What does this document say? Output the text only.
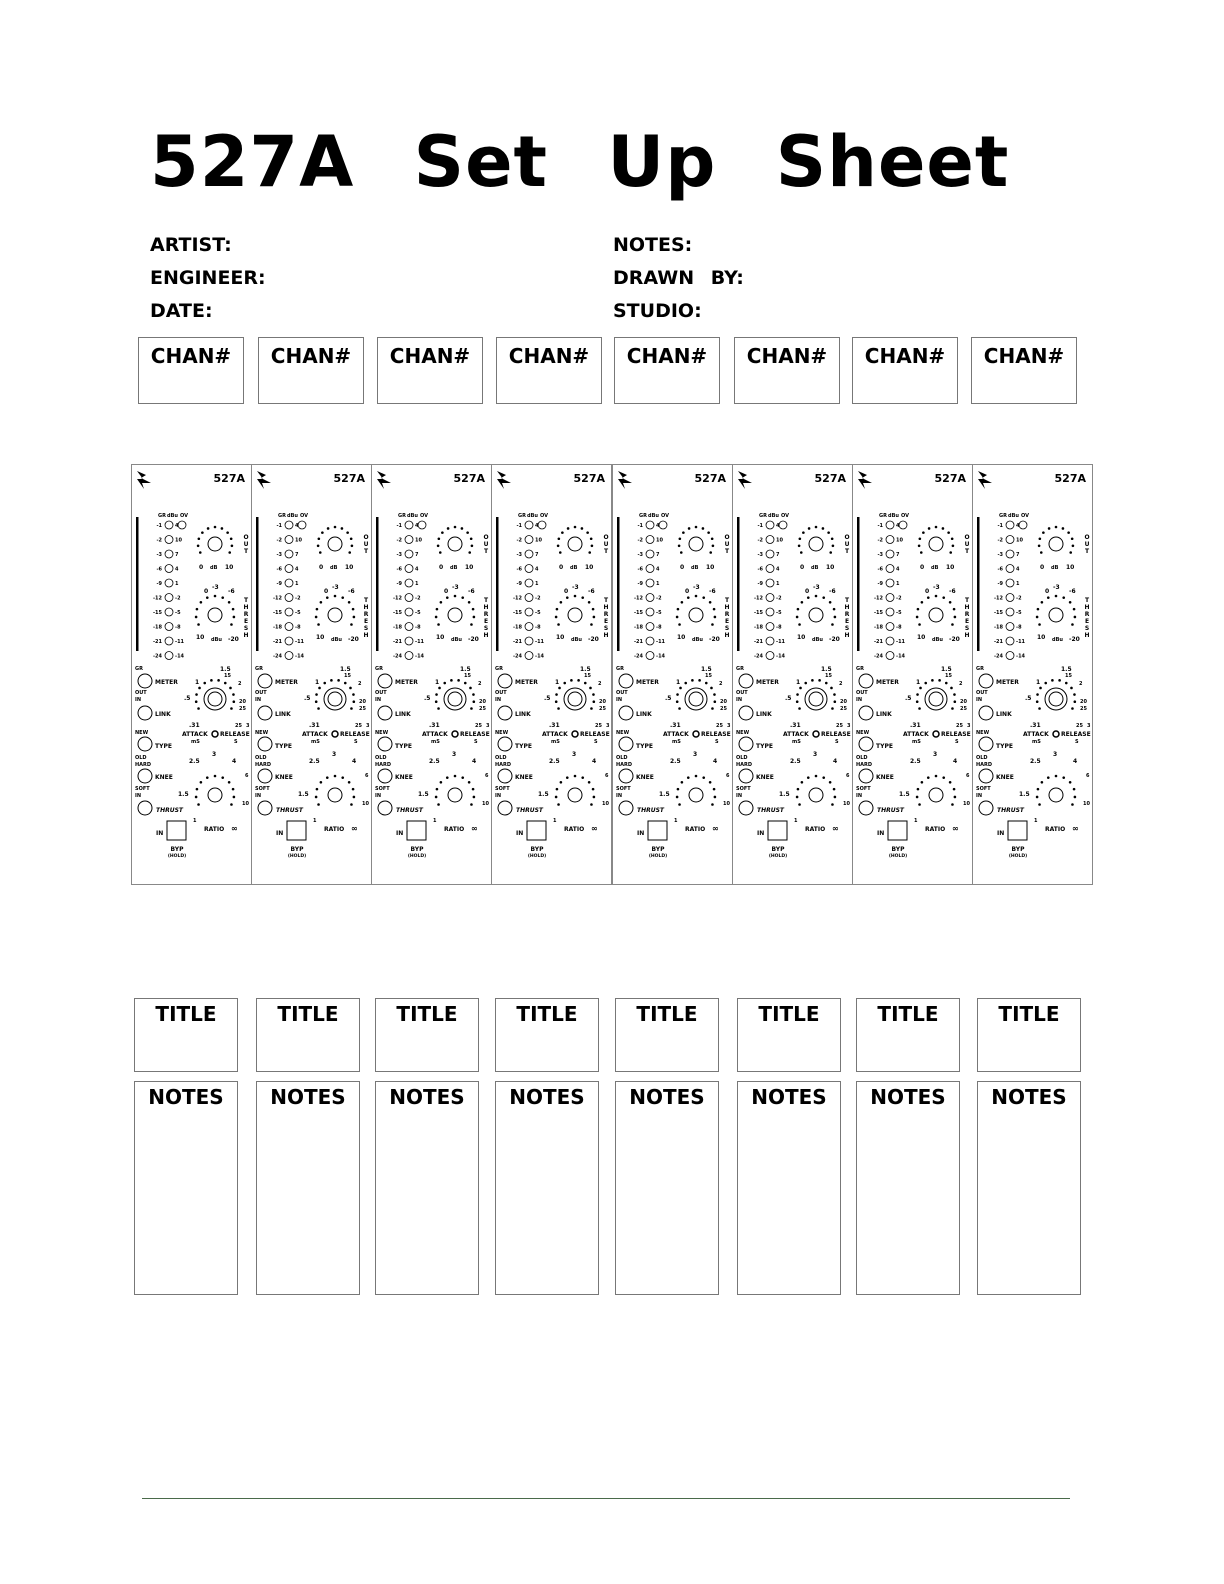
527A Set Up Sheet
ARTIST:
ENGINEER:
DATE:
NOTES:
DRAWN BY:
STUDIO:
CHAN#	CHAN#	CHAN#	CHAN#	CHAN#	CHAN#	CHAN#	CHAN#
527A
GR dBu OV
-1	4
-2	10
-3	7
-6	4
-9	1
-12	-2
-15	-5
-18	-8
-21	-11
-24	-14
0 dB 10
O
U
T
0
-3
-6
10 dBu -20
T
H
R
E
S
H
GR
METER
OUT
IN
LINK
NEW
TYPE
OLD
HARD
KNEE
SOFT
IN
THRUST
1
1.5
15
.5
2
.31
20
25
25 3
ATTACK RELEASE
mS	S
2.5
3
4
6
1.5
10
1
RATIO ∞
IN
BYP
(HOLD)
527A
GR dBu OV
-1	4
-2	10
-3	7
-6	4
-9	1
-12	-2
-15	-5
-18	-8
-21	-11
-24	-14
0 dB 10
O
U
T
0
-3
-6
10 dBu -20
T
H
R
E
S
H
GR
METER
OUT
IN
LINK
NEW
TYPE
OLD
HARD
KNEE
SOFT
IN
THRUST
1
1.5
15
.5
2
.31
20
25
25 3
ATTACK RELEASE
mS	S
2.5
3
4
6
1.5
10
1
RATIO ∞
IN
BYP
(HOLD)
527A
GR dBu OV
-1	4
-2	10
-3	7
-6	4
-9	1
-12	-2
-15	-5
-18	-8
-21	-11
-24	-14
0 dB 10
O
U
T
0
-3
-6
10 dBu -20
T
H
R
E
S
H
GR
METER
OUT
IN
LINK
NEW
TYPE
OLD
HARD
KNEE
SOFT
IN
THRUST
1
1.5
15
.5
2
.31
20
25
25 3
ATTACK RELEASE
mS	S
2.5
3
4
6
1.5
10
1
RATIO ∞
IN
BYP
(HOLD)
527A
GR dBu OV
-1	4
-2	10
-3	7
-6	4
-9	1
-12	-2
-15	-5
-18	-8
-21	-11
-24	-14
0 dB 10
O
U
T
0
-3
-6
10 dBu -20
T
H
R
E
S
H
GR
METER
OUT
IN
LINK
NEW
TYPE
OLD
HARD
KNEE
SOFT
IN
THRUST
1
1.5
15
.5
2
.31
20
25
25 3
ATTACK RELEASE
mS	S
2.5
3
4
6
1.5
10
1
RATIO ∞
IN
BYP
(HOLD)
527A
GR dBu OV
-1	4
-2	10
-3	7
-6	4
-9	1
-12	-2
-15	-5
-18	-8
-21	-11
-24	-14
0 dB 10
O
U
T
0
-3
-6
10 dBu -20
T
H
R
E
S
H
GR
METER
OUT
IN
LINK
NEW
TYPE
OLD
HARD
KNEE
SOFT
IN
THRUST
1
1.5
15
.5
2
.31
20
25
25 3
ATTACK RELEASE
mS	S
2.5
3
4
6
1.5
10
1
RATIO ∞
IN
BYP
(HOLD)
527A
GR dBu OV
-1	4
-2	10
-3	7
-6	4
-9	1
-12	-2
-15	-5
-18	-8
-21	-11
-24	-14
0 dB 10
O
U
T
0
-3
-6
10 dBu -20
T
H
R
E
S
H
GR
METER
OUT
IN
LINK
NEW
TYPE
OLD
HARD
KNEE
SOFT
IN
THRUST
1
1.5
15
.5
2
.31
20
25
25 3
ATTACK RELEASE
mS	S
2.5
3
4
6
1.5
10
1
RATIO ∞
IN
BYP
(HOLD)
527A
GR dBu OV
-1	4
-2	10
-3	7
-6	4
-9	1
-12	-2
-15	-5
-18	-8
-21	-11
-24	-14
0 dB 10
O
U
T
0
-3
-6
10 dBu -20
T
H
R
E
S
H
GR
METER
OUT
IN
LINK
NEW
TYPE
OLD
HARD
KNEE
SOFT
IN
THRUST
1
1.5
15
.5
2
.31
20
25
25 3
ATTACK RELEASE
mS	S
2.5
3
4
6
1.5
10
1
RATIO ∞
IN
BYP
(HOLD)
527A
GR dBu OV
-1	4
-2	10
-3	7
-6	4
-9	1
-12	-2
-15	-5
-18	-8
-21	-11
-24	-14
0 dB 10
O
U
T
0
-3
-6
10 dBu -20
T
H
R
E
S
H
GR
METER
OUT
IN
LINK
NEW
TYPE
OLD
HARD
KNEE
SOFT
IN
THRUST
1
1.5
15
.5
2
.31
20
25
25 3
ATTACK RELEASE
mS	S
2.5
3
4
6
1.5
10
1
RATIO ∞
IN
BYP
(HOLD)
TITLE	TITLE	TITLE	TITLE	TITLE	TITLE	TITLE	TITLE
NOTES	NOTES	NOTES	NOTES	NOTES	NOTES	NOTES	NOTES
